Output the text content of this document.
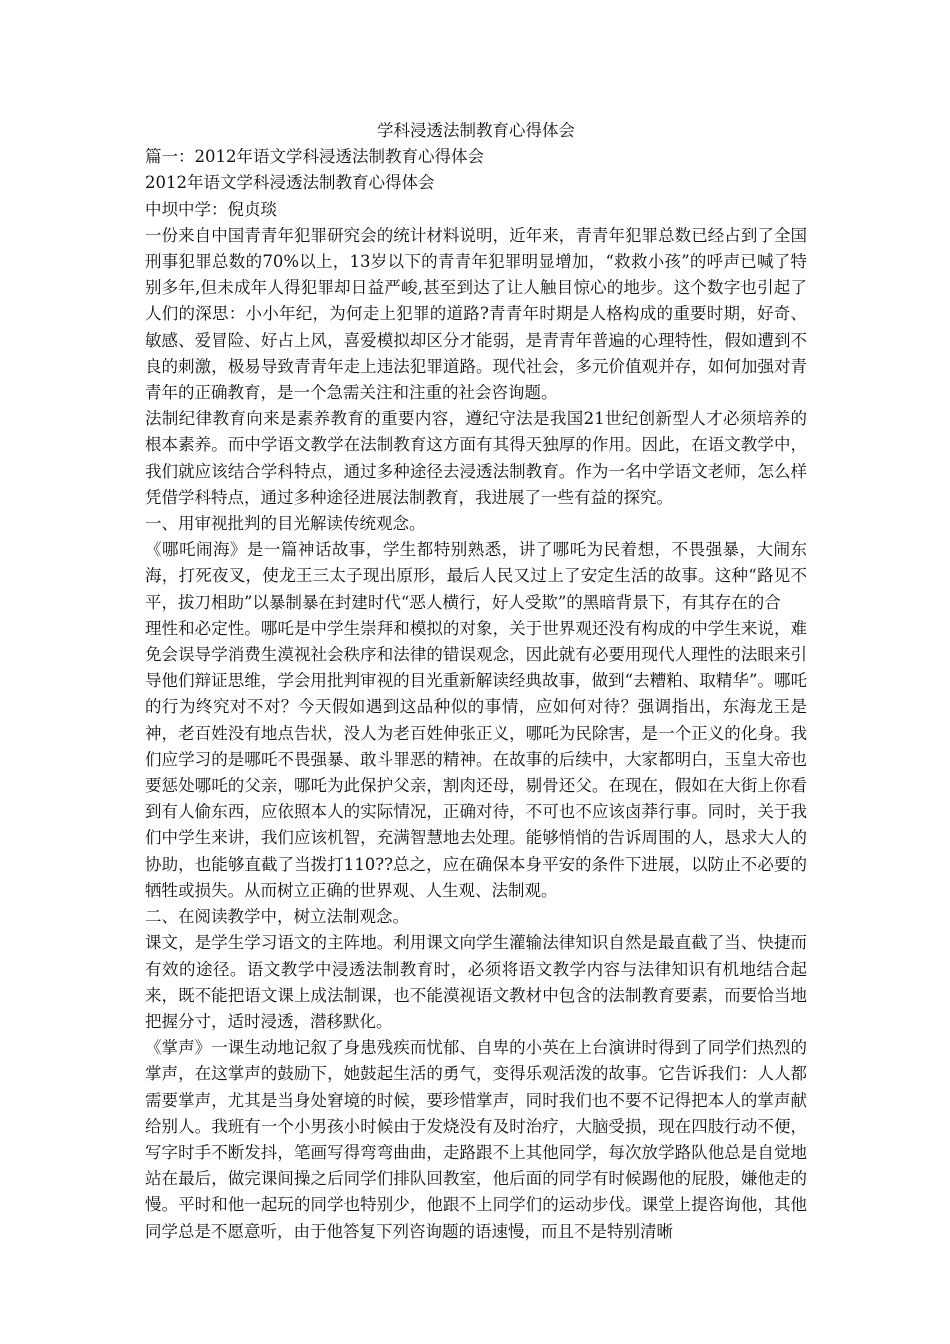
学科浸透法制教育心得体会
篇一：2012年语文学科浸透法制教育心得体会
2012年语文学科浸透法制教育心得体会
中坝中学：倪贞琰

一份来自中国青青年犯罪研究会的统计材料说明，近年来，青青年犯罪总数已经占到了全国刑事犯罪总数的70%以上，13岁以下的青青年犯罪明显增加，“救救小孩”的呼声已喊了特别多年,但未成年人得犯罪却日益严峻,甚至到达了让人触目惊心的地步。这个数字也引起了人们的深思：小小年纪，为何走上犯罪的道路?青青年时期是人格构成的重要时期，好奇、敏感、爱冒险、好占上风，喜爱模拟却区分才能弱，是青青年普遍的心理特性，假如遭到不良的刺激，极易导致青青年走上违法犯罪道路。现代社会，多元价值观并存，如何加强对青青年的正确教育，是一个急需关注和注重的社会咨询题。

法制纪律教育向来是素养教育的重要内容，遵纪守法是我国21世纪创新型人才必须培养的根本素养。而中学语文教学在法制教育这方面有其得天独厚的作用。因此，在语文教学中，我们就应该结合学科特点，通过多种途径去浸透法制教育。作为一名中学语文老师，怎么样凭借学科特点，通过多种途径进展法制教育，我进展了一些有益的探究。

一、用审视批判的目光解读传统观念。

《哪吒闹海》是一篇神话故事，学生都特别熟悉，讲了哪吒为民着想，不畏强暴，大闹东海，打死夜叉，使龙王三太子现出原形，最后人民又过上了安定生活的故事。这种“路见不平，拔刀相助”以暴制暴在封建时代“恶人横行，好人受欺”的黑暗背景下，有其存在的合

理性和必定性。哪吒是中学生崇拜和模拟的对象，关于世界观还没有构成的中学生来说，难免会误导学消费生漠视社会秩序和法律的错误观念，因此就有必要用现代人理性的法眼来引导他们辩证思维，学会用批判审视的目光重新解读经典故事，做到“去糟粕、取精华”。哪吒的行为终究对不对？今天假如遇到这品种似的事情，应如何对待？强调指出，东海龙王是神，老百姓没有地点告状，没人为老百姓伸张正义，哪吒为民除害，是一个正义的化身。我们应学习的是哪吒不畏强暴、敢斗罪恶的精神。在故事的后续中，大家都明白，玉皇大帝也要惩处哪吒的父亲，哪吒为此保护父亲，割肉还母，剔骨还父。在现在，假如在大街上你看到有人偷东西，应依照本人的实际情况，正确对待，不可也不应该卤莽行事。同时，关于我们中学生来讲，我们应该机智，充满智慧地去处理。能够悄悄的告诉周围的人，恳求大人的协助，也能够直截了当拨打110??总之，应在确保本身平安的条件下进展，以防止不必要的牺牲或损失。从而树立正确的世界观、人生观、法制观。

二、在阅读教学中，树立法制观念。

课文，是学生学习语文的主阵地。利用课文向学生灌输法律知识自然是最直截了当、快捷而有效的途径。语文教学中浸透法制教育时，必须将语文教学内容与法律知识有机地结合起来，既不能把语文课上成法制课，也不能漠视语文教材中包含的法制教育要素，而要恰当地把握分寸，适时浸透，潜移默化。

《掌声》一课生动地记叙了身患残疾而忧郁、自卑的小英在上台演讲时得到了同学们热烈的掌声，在这掌声的鼓励下，她鼓起生活的勇气，变得乐观活泼的故事。它告诉我们：人人都需要掌声，尤其是当身处窘境的时候，要珍惜掌声，同时我们也不要不记得把本人的掌声献给别人。我班有一个小男孩小时候由于发烧没有及时治疗，大脑受损，现在四肢行动不便，写字时手不断发抖，笔画写得弯弯曲曲，走路跟不上其他同学，每次放学路队他总是自觉地站在最后，做完课间操之后同学们排队回教室，他后面的同学有时候踢他的屁股，嫌他走的慢。平时和他一起玩的同学也特别少，他跟不上同学们的运动步伐。课堂上提咨询他，其他同学总是不愿意听，由于他答复下列咨询题的语速慢，而且不是特别清晰
